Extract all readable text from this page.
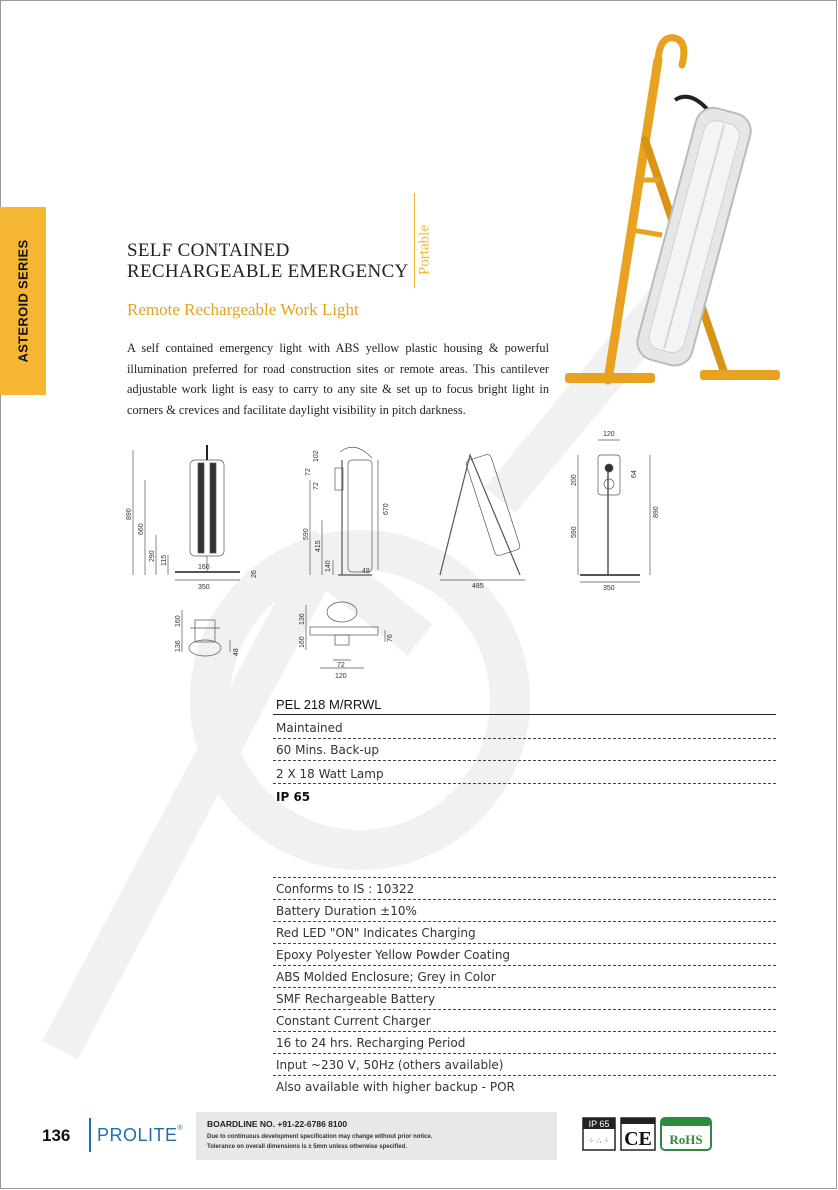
ASTEROID SERIES	SELF CONTAINED
RECHARGEABLE EMERGENCY Portable
Remote Rechargeable Work Light
A self contained emergency light with ABS yellow plastic housing & powerful illumination preferred for road construction sites or remote areas. This cantilever adjustable work light is easy to carry to any site & set up to focus bright light in corners & crevices and facilitate daylight visibility in pitch darkness.
890
660
290 115
160
350
26
102
72
72
670
590
415
140	48
485
120
200
64
590
890
350
160
136
48
136
160	76
72
120
PEL 218 M/RRWL
Maintained
60 Mins. Back-up
2 X 18 Watt Lamp
IP 65
Conforms to IS : 10322
Battery Duration ±10%
Red LED "ON" Indicates Charging
Epoxy Polyester Yellow Powder Coating
ABS Molded Enclosure; Grey in Color
SMF Rechargeable Battery
Constant Current Charger
16 to 24 hrs. Recharging Period
Input ~230 V, 50Hz (others available)
Also available with higher backup - POR
136 PROLITE®	BOARDLINE NO. +91-22-6786 8100
Due to continuous development specification may change without prior notice.
Tolerance on overall dimensions is ± 5mm unless otherwise specified.
IP 65
⁘ ∴ ⁘ CE RoHS
